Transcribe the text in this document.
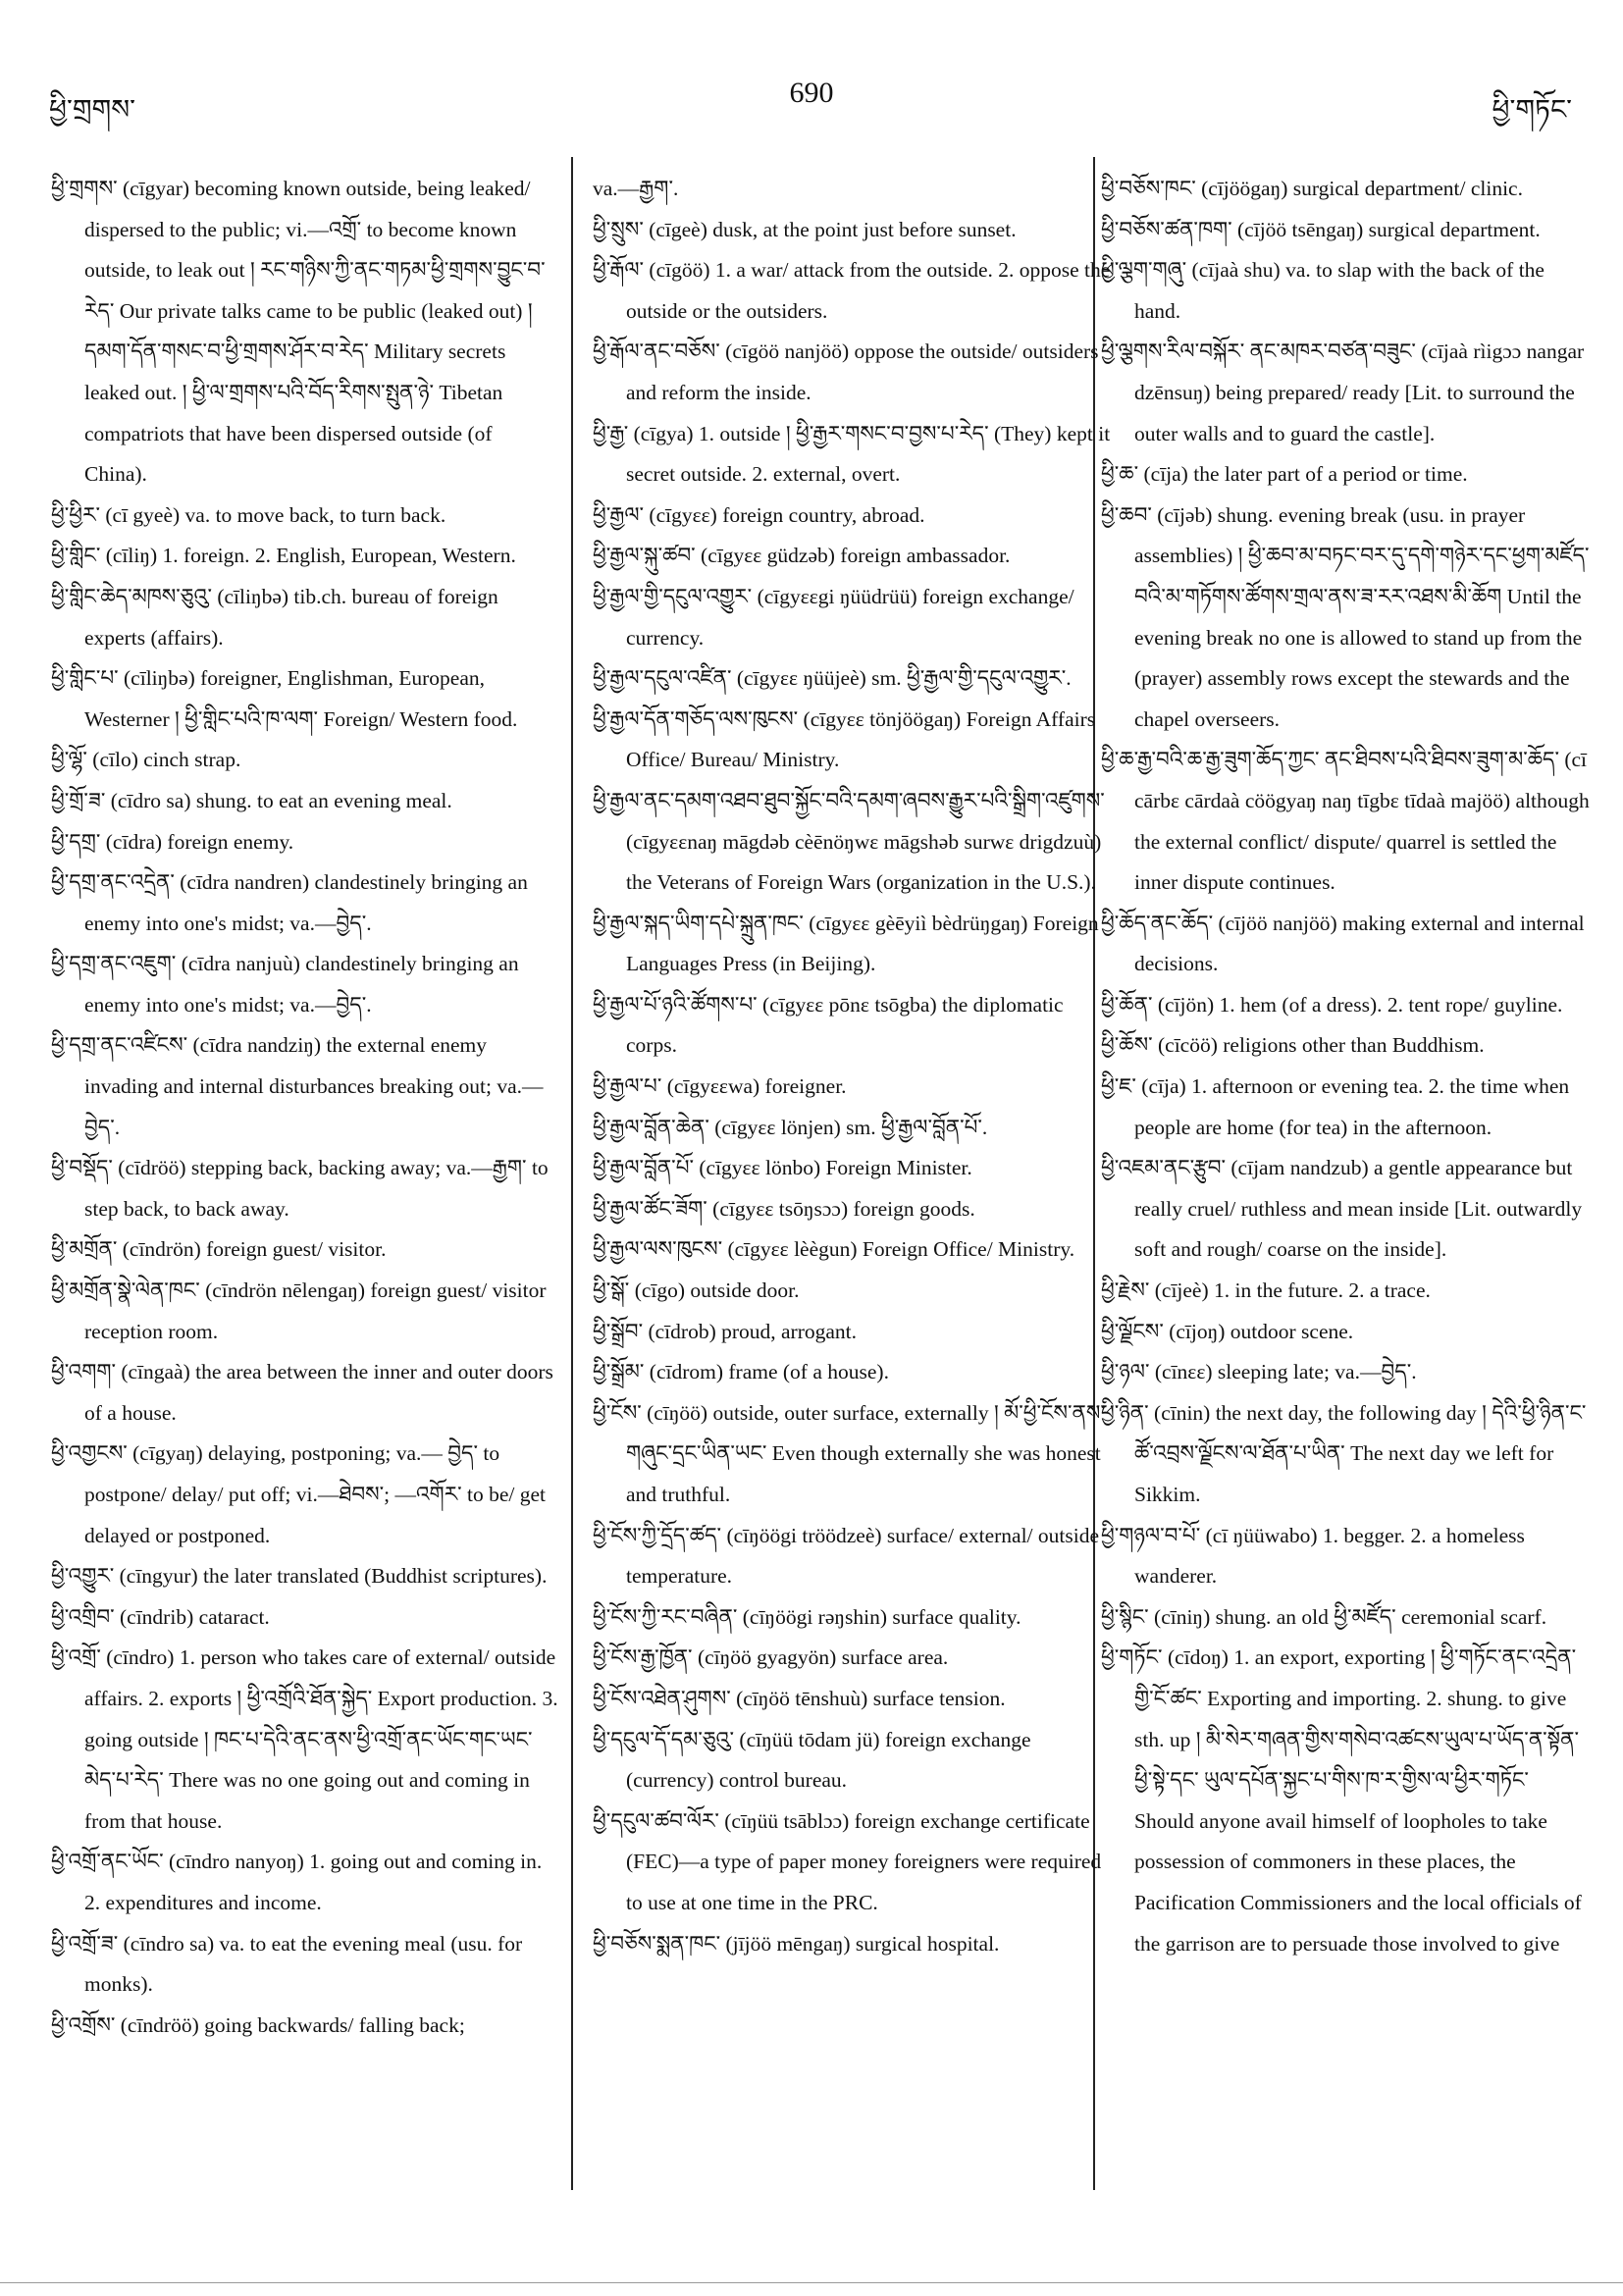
ཕྱི་གྲགས་
690
ཕྱི་གཏོང་
ཕྱི་གྲགས་ (cīgyar) becoming known outside, being leaked/ dispersed to the public; vi.—འགྲོ་ to become known outside, to leak out ། རང་གཉིས་ཀྱི་ནང་གཏམ་ཕྱི་གྲགས་བྱུང་བ་རེད་ Our private talks came to be public (leaked out) ། དམག་དོན་གསང་བ་ཕྱི་གྲགས་ཤོར་བ་རེད་ Military secrets leaked out. ། ཕྱི་ལ་གྲགས་པའི་བོད་རིགས་སྤུན་ཉེ་ Tibetan compatriots that have been dispersed outside (of China).
ཕྱི་ཕྱིར་ (cī gyeè) va. to move back, to turn back.
ཕྱི་གླིང་ (cīliŋ) 1. foreign. 2. English, European, Western.
ཕྱི་གླིང་ཆེད་མཁས་ཅུའུ་ (cīliŋbə) tib.ch. bureau of foreign experts (affairs).
ཕྱི་གླིང་པ་ (cīliŋbə) foreigner, Englishman, European, Westerner ། ཕྱི་གླིང་པའི་ཁ་ལག་ Foreign/ Western food.
ཕྱི་ལྷོ་ (cīlo) cinch strap.
ཕྱི་གྲོ་ཟ་ (cīdro sa) shung. to eat an evening meal.
ཕྱི་དགྲ་ (cīdra) foreign enemy.
ཕྱི་དགྲ་ནང་འདྲེན་ (cīdra nandren) clandestinely bringing an enemy into one's midst; va.—བྱེད་.
ཕྱི་དགྲ་ནང་འཇུག་ (cīdra nanjuù) clandestinely bringing an enemy into one's midst; va.—བྱེད་.
ཕྱི་དགྲ་ནང་འཛིངས་ (cīdra nandziŋ) the external enemy invading and internal disturbances breaking out; va.—བྱེད་.
ཕྱི་བསྡོད་ (cīdröö) stepping back, backing away; va.—རྒྱག་ to step back, to back away.
ཕྱི་མགྲོན་ (cīndrön) foreign guest/ visitor.
ཕྱི་མགྲོན་སྣེ་ལེན་ཁང་ (cīndrön nēlengaŋ) foreign guest/ visitor reception room.
ཕྱི་འགག་ (cīngaà) the area between the inner and outer doors of a house.
ཕྱི་འགྱངས་ (cīgyaŋ) delaying, postponing; va.— བྱེད་ to postpone/ delay/ put off; vi.—ཐེབས་; —འགོར་ to be/ get delayed or postponed.
ཕྱི་འགྱུར་ (cīngyur) the later translated (Buddhist scriptures).
ཕྱི་འགྲིབ་ (cīndrib) cataract.
ཕྱི་འགྲོ་ (cīndro) 1. person who takes care of external/ outside affairs. 2. exports ། ཕྱི་འགྲོའི་ཐོན་སྐྱེད་ Export production. 3. going outside ། ཁང་པ་དེའི་ནང་ནས་ཕྱི་འགྲོ་ནང་ཡོང་གང་ཡང་མེད་པ་རེད་ There was no one going out and coming in from that house.
ཕྱི་འགྲོ་ནང་ཡོང་ (cīndro nanyoŋ) 1. going out and coming in. 2. expenditures and income.
ཕྱི་འགྲོ་ཟ་ (cīndro sa) va. to eat the evening meal (usu. for monks).
ཕྱི་འགྲོས་ (cīndröö) going backwards/ falling back;
va.—རྒྱག་.
ཕྱི་སྲུས་ (cīgeè) dusk, at the point just before sunset.
ཕྱི་རྒོལ་ (cīgöö) 1. a war/ attack from the outside. 2. oppose the outside or the outsiders.
ཕྱི་རྒོལ་ནང་བཅོས་ (cīgöö nanjöö) oppose the outside/ outsiders and reform the inside.
ཕྱི་རྒྱ་ (cīgya) 1. outside ། ཕྱི་རྒྱར་གསང་བ་བྱས་པ་རེད་ (They) kept it secret outside. 2. external, overt.
ཕྱི་རྒྱལ་ (cīgyεε) foreign country, abroad.
ཕྱི་རྒྱལ་སྐུ་ཚབ་ (cīgyεε güdzəb) foreign ambassador.
ཕྱི་རྒྱལ་གྱི་དངུལ་འགྱུར་ (cīgyεεgi ŋüüdrüü) foreign exchange/ currency.
ཕྱི་རྒྱལ་དངུལ་འཛིན་ (cīgyεε ŋüüjeè) sm. ཕྱི་རྒྱལ་གྱི་དངུལ་འགྱུར་.
ཕྱི་རྒྱལ་དོན་གཅོད་ལས་ཁུངས་ (cīgyεε tönjöögaŋ) Foreign Affairs Office/ Bureau/ Ministry.
ཕྱི་རྒྱལ་ནང་དམག་འཐབ་ཐུབ་སྐྱོང་བའི་དམག་ཞབས་རྒྱུར་པའི་སྒྲིག་འཛུགས་ (cīgyεεnaŋ māgdəb cèēnöŋwε māgshəb surwε drigdzuù) the Veterans of Foreign Wars (organization in the U.S.).
ཕྱི་རྒྱལ་སྐད་ཡིག་དཔེ་སྐྲུན་ཁང་ (cīgyεε gèēyiì bèdrüŋgaŋ) Foreign Languages Press (in Beijing).
ཕྱི་རྒྱལ་པོ་ཉའི་ཚོགས་པ་ (cīgyεε pōnε tsōgba) the diplomatic corps.
ཕྱི་རྒྱལ་པ་ (cīgyεεwa) foreigner.
ཕྱི་རྒྱལ་བློན་ཆེན་ (cīgyεε lönjen) sm. ཕྱི་རྒྱལ་བློན་པོ་.
ཕྱི་རྒྱལ་བློན་པོ་ (cīgyεε lönbo) Foreign Minister.
ཕྱི་རྒྱལ་ཚོང་ཟོག་ (cīgyεε tsōŋsɔɔ) foreign goods.
ཕྱི་རྒྱལ་ལས་ཁུངས་ (cīgyεε lèègun) Foreign Office/ Ministry.
ཕྱི་སྒོ་ (cīgo) outside door.
ཕྱི་སྒྲོབ་ (cīdrob) proud, arrogant.
ཕྱི་སྒྲོམ་ (cīdrom) frame (of a house).
ཕྱི་ངོས་ (cīŋöö) outside, outer surface, externally ། མོ་ཕྱི་ངོས་ནས་གཞུང་དྲང་ཡིན་ཡང་ Even though externally she was honest and truthful.
ཕྱི་ངོས་ཀྱི་དྲོད་ཚད་ (cīŋöögi tröödzeè) surface/ external/ outside temperature.
ཕྱི་ངོས་ཀྱི་རང་བཞིན་ (cīŋöögi rəŋshin) surface quality.
ཕྱི་ངོས་རྒྱ་ཁྱོན་ (cīŋöö gyagyön) surface area.
ཕྱི་ངོས་འཐེན་ཤུགས་ (cīŋöö tēnshuù) surface tension.
ཕྱི་དངུལ་དོ་དམ་ཅུའུ་ (cīŋüü tōdam jü) foreign exchange (currency) control bureau.
ཕྱི་དངུལ་ཚབ་ལོར་ (cīŋüü tsāblɔɔ) foreign exchange certificate (FEC)—a type of paper money foreigners were required to use at one time in the PRC.
ཕྱི་བཅོས་སྨན་ཁང་ (jījöö mēngaŋ) surgical hospital.
ཕྱི་བཅོས་ཁང་ (cījöögaŋ) surgical department/ clinic.
ཕྱི་བཅོས་ཚན་ཁག་ (cījöö tsēngaŋ) surgical department.
ཕྱི་ལྕག་གཞུ་ (cījaà shu) va. to slap with the back of the hand.
ཕྱི་ལྕགས་རིལ་བསྐོར་ ནང་མཁར་བཙན་བཟུང་ (cījaà rìigɔɔ nangar dzēnsuŋ) being prepared/ ready [Lit. to surround the outer walls and to guard the castle].
ཕྱི་ཆ་ (cīja) the later part of a period or time.
ཕྱི་ཆབ་ (cījəb) shung. evening break (usu. in prayer assemblies) ། ཕྱི་ཆབ་མ་བཏང་བར་དུ་དགེ་གཉེར་དང་ཕྱག་མཛོད་བའི་མ་གཏོགས་ཚོགས་གྲལ་ནས་ཟ་རར་འཐས་མི་ཆོག Until the evening break no one is allowed to stand up from the (prayer) assembly rows except the stewards and the chapel overseers.
ཕྱི་ཆ་རྒྱ་བའི་ཆ་རྒྱ་ཟུག་ཆོད་ཀྱང་ ནང་ཐིབས་པའི་ཐིབས་ཟུག་མ་ཆོད་ (cī cārbε cārdaà cöögyaŋ naŋ tīgbε tīdaà majöö) although the external conflict/ dispute/ quarrel is settled the inner dispute continues.
ཕྱི་ཆོད་ནང་ཆོད་ (cījöö nanjöö) making external and internal decisions.
ཕྱི་ཆོན་ (cījön) 1. hem (of a dress). 2. tent rope/ guyline.
ཕྱི་ཆོས་ (cīcöö) religions other than Buddhism.
ཕྱི་ཇ་ (cīja) 1. afternoon or evening tea. 2. the time when people are home (for tea) in the afternoon.
ཕྱི་འཇམ་ནང་རྩུབ་ (cījam nandzub) a gentle appearance but really cruel/ ruthless and mean inside [Lit. outwardly soft and rough/ coarse on the inside].
ཕྱི་རྗེས་ (cījeè) 1. in the future. 2. a trace.
ཕྱི་ལྗོངས་ (cījoŋ) outdoor scene.
ཕྱི་ཉལ་ (cīnεε) sleeping late; va.—བྱེད་.
ཕྱི་ཉིན་ (cīnin) the next day, the following day ། དེའི་ཕྱི་ཉིན་ང་ཚོ་འབྲས་ལྗོངས་ལ་ཐོན་པ་ཡིན་ The next day we left for Sikkim.
ཕྱི་གཉལ་བ་པོ་ (cī ŋüüwabo) 1. begger. 2. a homeless wanderer.
ཕྱི་སྙིང་ (cīniŋ) shung. an old ཕྱི་མཛོད་ ceremonial scarf.
ཕྱི་གཏོང་ (cīdoŋ) 1. an export, exporting ། ཕྱི་གཏོང་ནང་འདྲེན་གྱི་ངོ་ཚང་ Exporting and importing. 2. shung. to give sth. up ། མི་སེར་གཞན་གྱིས་གསེབ་འཚངས་ཡུལ་པ་ཡོད་ན་སྟོན་ཕྱི་སྟེ་དང་ ཡུལ་དཔོན་སྐྱང་པ་གིས་ཁ་ར་གྱིས་ལ་ཕྱིར་གཏོང་ Should anyone avail himself of loopholes to take possession of commoners in these places, the Pacification Commissioners and the local officials of the garrison are to persuade those involved to give
